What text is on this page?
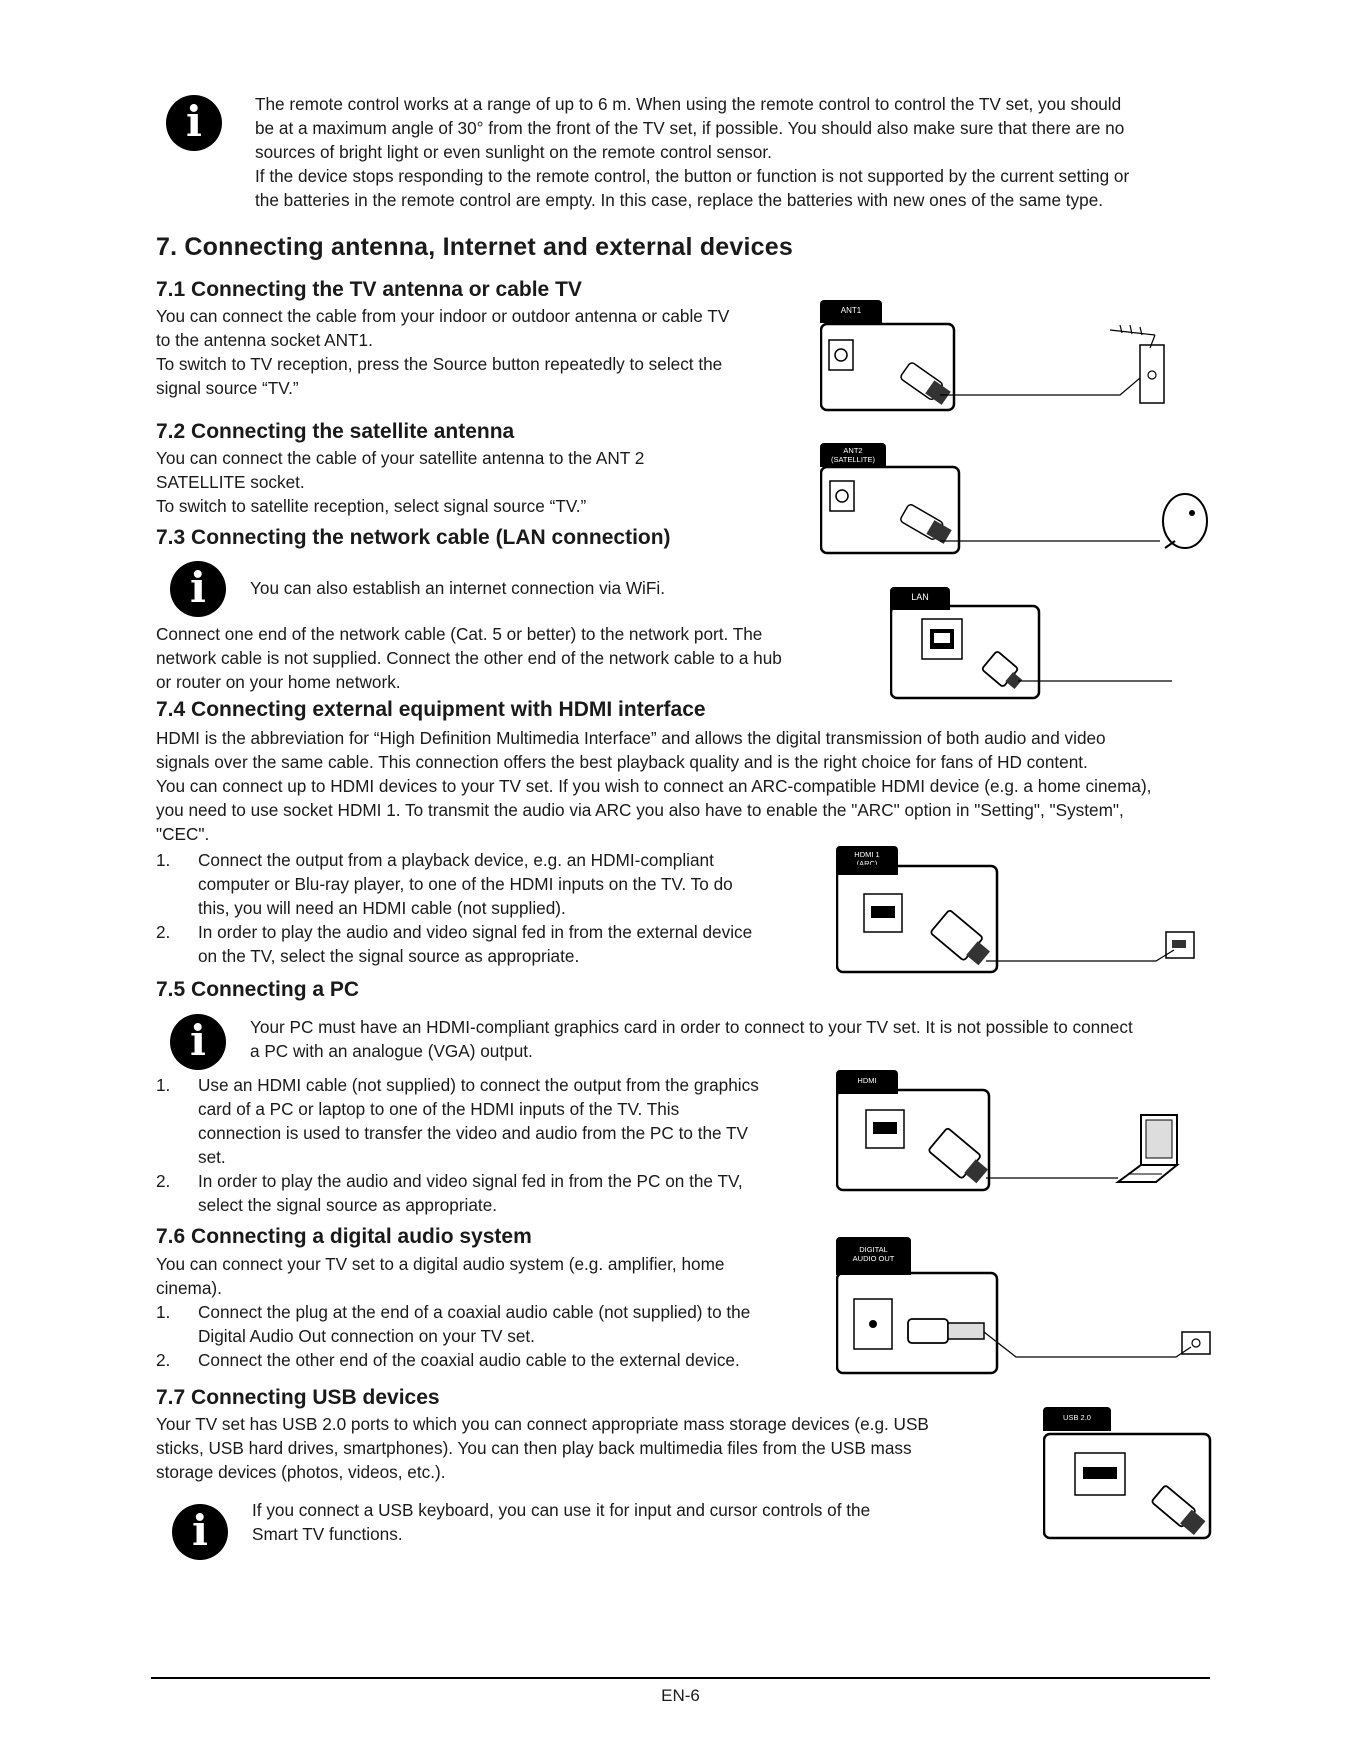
i	The remote control works at a range of up to 6 m. When using the remote control to control the TV set, you should

be at a maximum angle of 30° from the front of the TV set, if possible. You should also make sure that there are no

sources of bright light or even sunlight on the remote control sensor.

If the device stops responding to the remote control, the button or function is not supported by the current setting or

the batteries in the remote control are empty. In this case, replace the batteries with new ones of the same type.

7. Connecting antenna, Internet and external devices
7.1 Connecting the TV antenna or cable TV

You can connect the cable from your indoor or outdoor antenna or cable TV

to the antenna socket ANT1.

To switch to TV reception, press the Source button repeatedly to select the

signal source “TV.”

ANT1
7.2 Connecting the satellite antenna

You can connect the cable of your satellite antenna to the ANT 2

SATELLITE socket.

To switch to satellite reception, select signal source “TV.”

ANT2
(SATELLITE)
7.3 Connecting the network cable (LAN connection)
i	You can also establish an internet connection via WiFi.

Connect one end of the network cable (Cat. 5 or better) to the network port. The

network cable is not supplied. Connect the other end of the network cable to a hub

or router on your home network.

LAN
7.4 Connecting external equipment with HDMI interface

HDMI is the abbreviation for “High Definition Multimedia Interface” and allows the digital transmission of both audio and video

signals over the same cable. This connection offers the best playback quality and is the right choice for fans of HD content.

You can connect up to HDMI devices to your TV set. If you wish to connect an ARC-compatible HDMI device (e.g. a home cinema),

you need to use socket HDMI 1. To transmit the audio via ARC you also have to enable the "ARC" option in "Setting", "System",

"CEC".

1.	Connect the output from a playback device, e.g. an HDMI-compliant

computer or Blu-ray player, to one of the HDMI inputs on the TV. To do

this, you will need an HDMI cable (not supplied).

2.	In order to play the audio and video signal fed in from the external device

on the TV, select the signal source as appropriate.

HDMI 1
(ARC)
7.5 Connecting a PC
i	Your PC must have an HDMI-compliant graphics card in order to connect to your TV set. It is not possible to connect

a PC with an analogue (VGA) output.

1.	Use an HDMI cable (not supplied) to connect the output from the graphics

card of a PC or laptop to one of the HDMI inputs of the TV. This

connection is used to transfer the video and audio from the PC to the TV

set.

2.	In order to play the audio and video signal fed in from the PC on the TV,

select the signal source as appropriate.

HDMI
7.6 Connecting a digital audio system

You can connect your TV set to a digital audio system (e.g. amplifier, home

cinema).

1.	Connect the plug at the end of a coaxial audio cable (not supplied) to the

Digital Audio Out connection on your TV set.

2.	Connect the other end of the coaxial audio cable to the external device.

DIGITAL
AUDIO OUT
7.7 Connecting USB devices

Your TV set has USB 2.0 ports to which you can connect appropriate mass storage devices (e.g. USB

sticks, USB hard drives, smartphones). You can then play back multimedia files from the USB mass

storage devices (photos, videos, etc.).

i	If you connect a USB keyboard, you can use it for input and cursor controls of the

Smart TV functions.

USB 2.0
EN-6
